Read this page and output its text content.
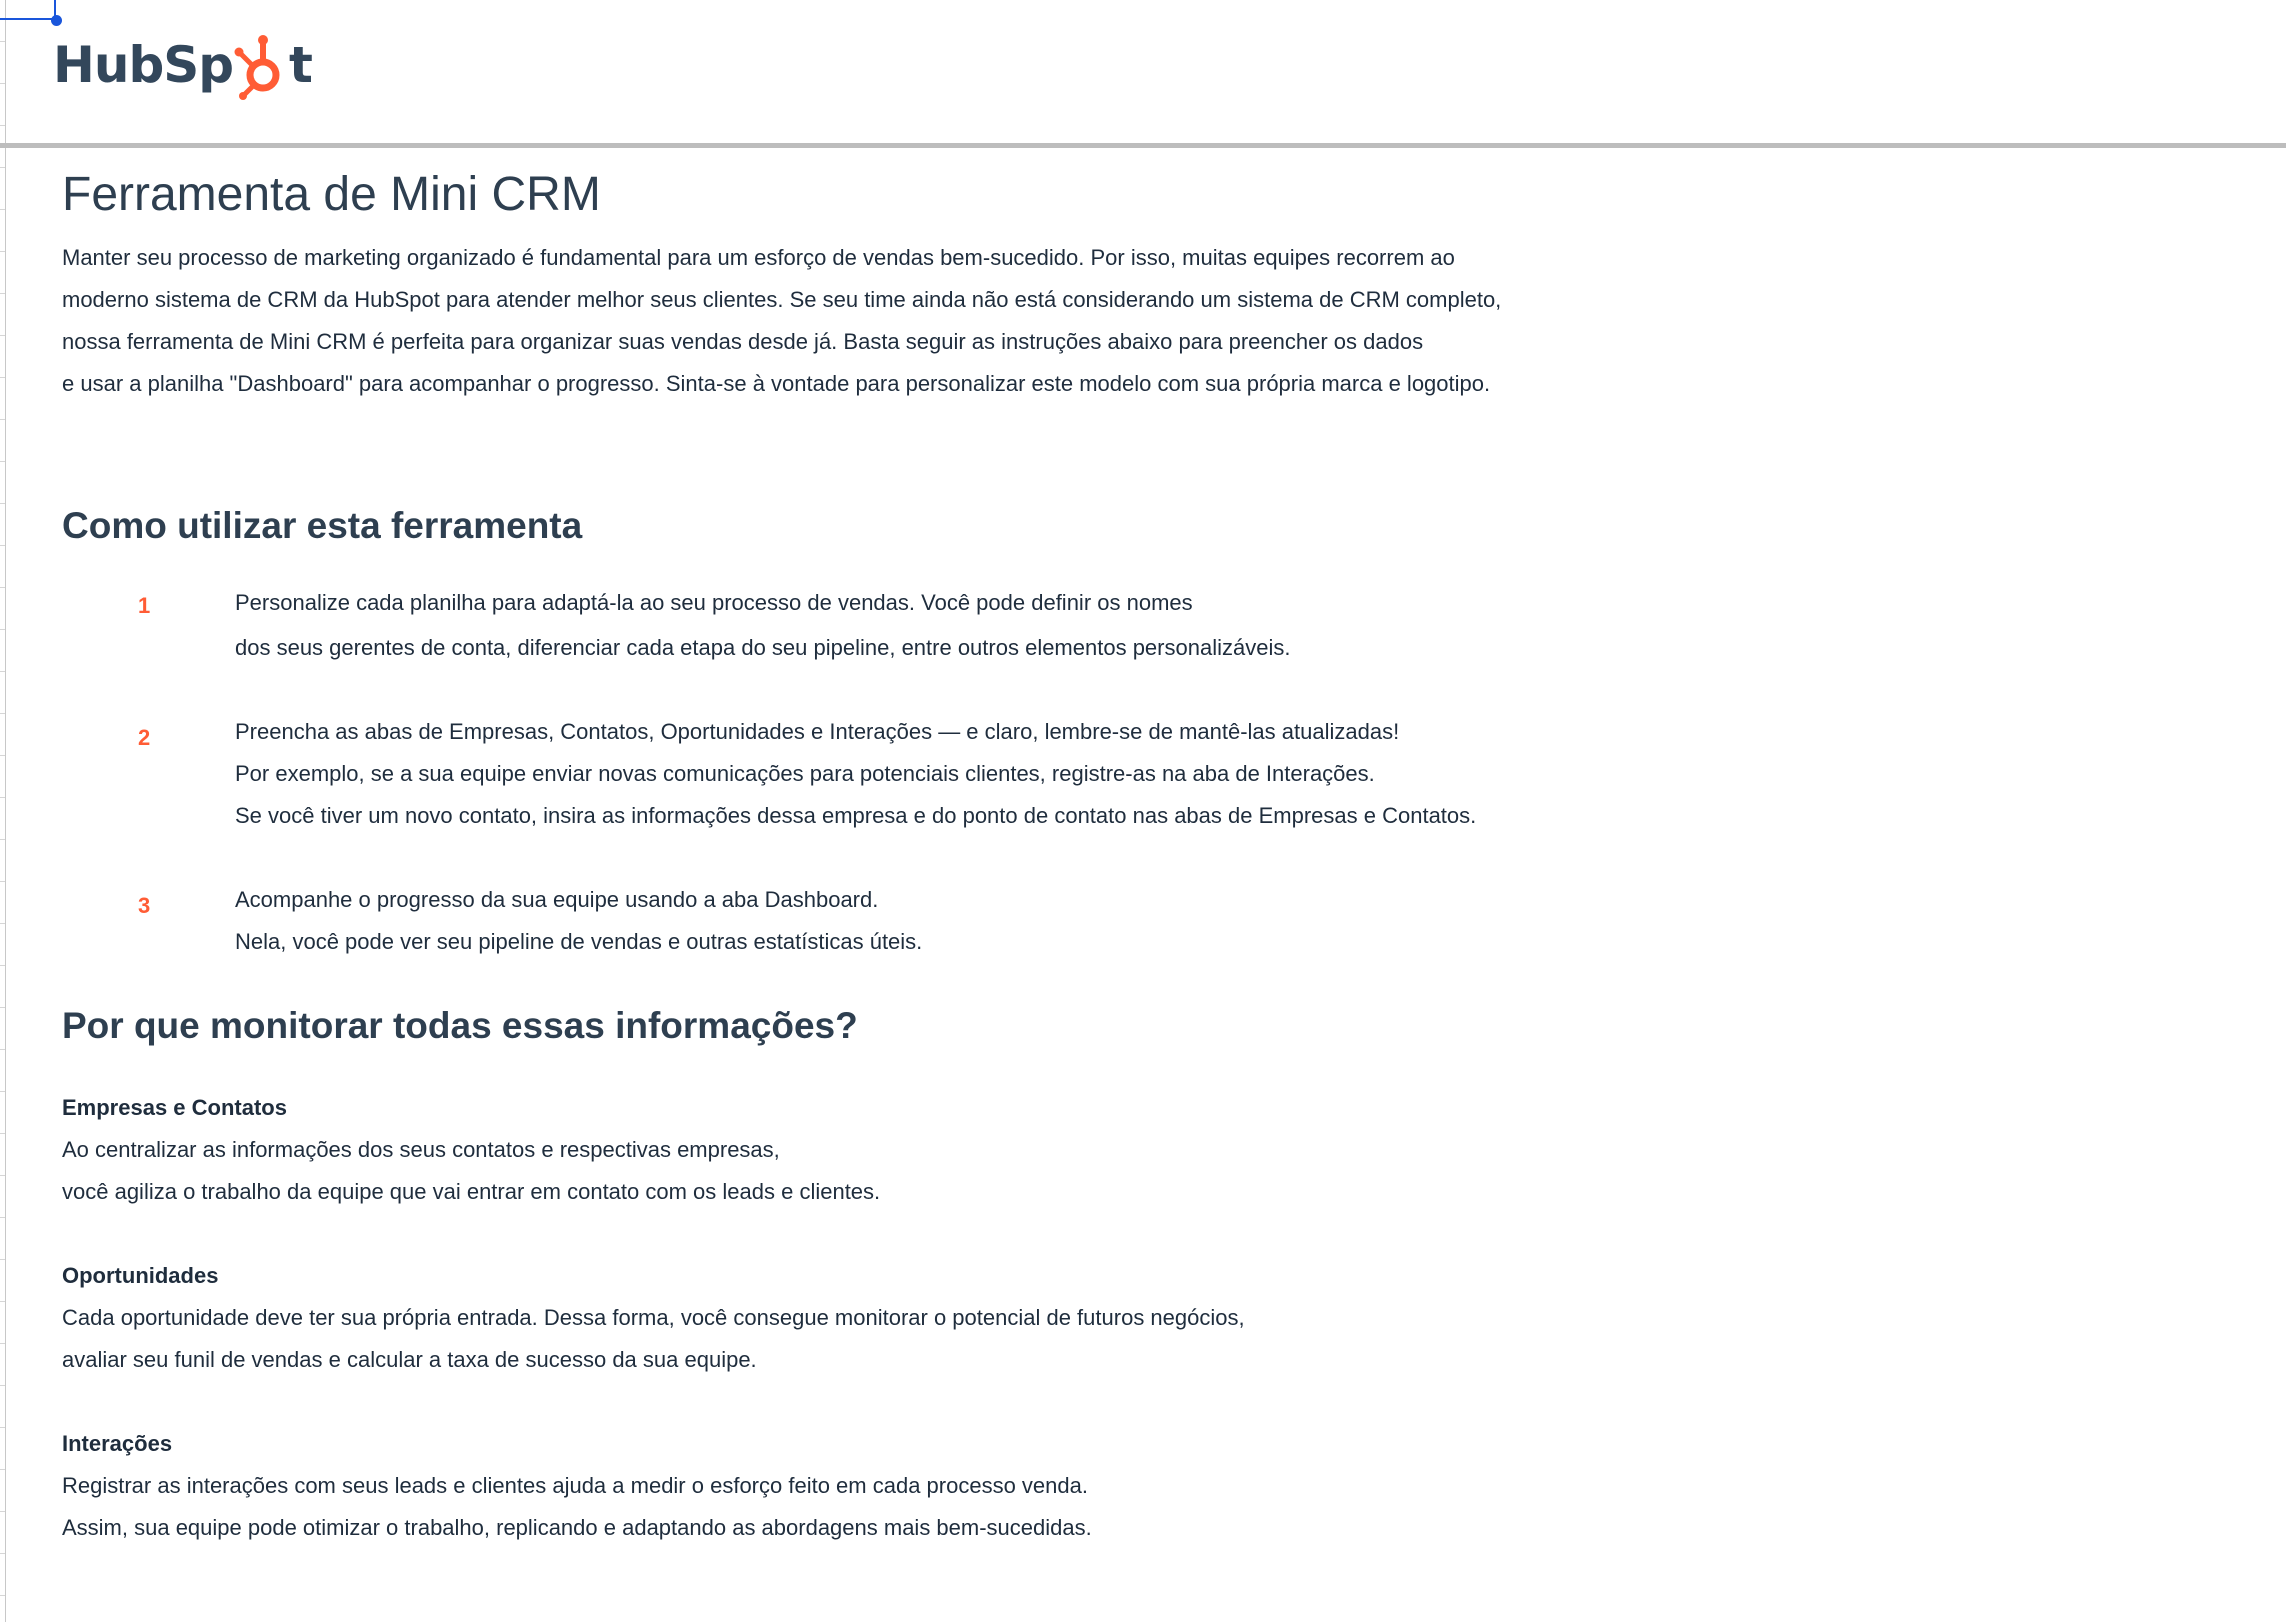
HubSp t
Ferramenta de Mini CRM
Manter seu processo de marketing organizado é fundamental para um esforço de vendas bem-sucedido. Por isso, muitas equipes recorrem ao
moderno sistema de CRM da HubSpot para atender melhor seus clientes. Se seu time ainda não está considerando um sistema de CRM completo,
nossa ferramenta de Mini CRM é perfeita para organizar suas vendas desde já. Basta seguir as instruções abaixo para preencher os dados
e usar a planilha "Dashboard" para acompanhar o progresso. Sinta-se à vontade para personalizar este modelo com sua própria marca e logotipo.
Como utilizar esta ferramenta
1	Personalize cada planilha para adaptá-la ao seu processo de vendas. Você pode definir os nomes
dos seus gerentes de conta, diferenciar cada etapa do seu pipeline, entre outros elementos personalizáveis.
2	Preencha as abas de Empresas, Contatos, Oportunidades e Interações — e claro, lembre-se de mantê-las atualizadas!
Por exemplo, se a sua equipe enviar novas comunicações para potenciais clientes, registre-as na aba de Interações.
Se você tiver um novo contato, insira as informações dessa empresa e do ponto de contato nas abas de Empresas e Contatos.
3	Acompanhe o progresso da sua equipe usando a aba Dashboard.
Nela, você pode ver seu pipeline de vendas e outras estatísticas úteis.
Por que monitorar todas essas informações?
Empresas e Contatos
Ao centralizar as informações dos seus contatos e respectivas empresas,
você agiliza o trabalho da equipe que vai entrar em contato com os leads e clientes.
Oportunidades
Cada oportunidade deve ter sua própria entrada. Dessa forma, você consegue monitorar o potencial de futuros negócios,
avaliar seu funil de vendas e calcular a taxa de sucesso da sua equipe.
Interações
Registrar as interações com seus leads e clientes ajuda a medir o esforço feito em cada processo venda.
Assim, sua equipe pode otimizar o trabalho, replicando e adaptando as abordagens mais bem-sucedidas.
